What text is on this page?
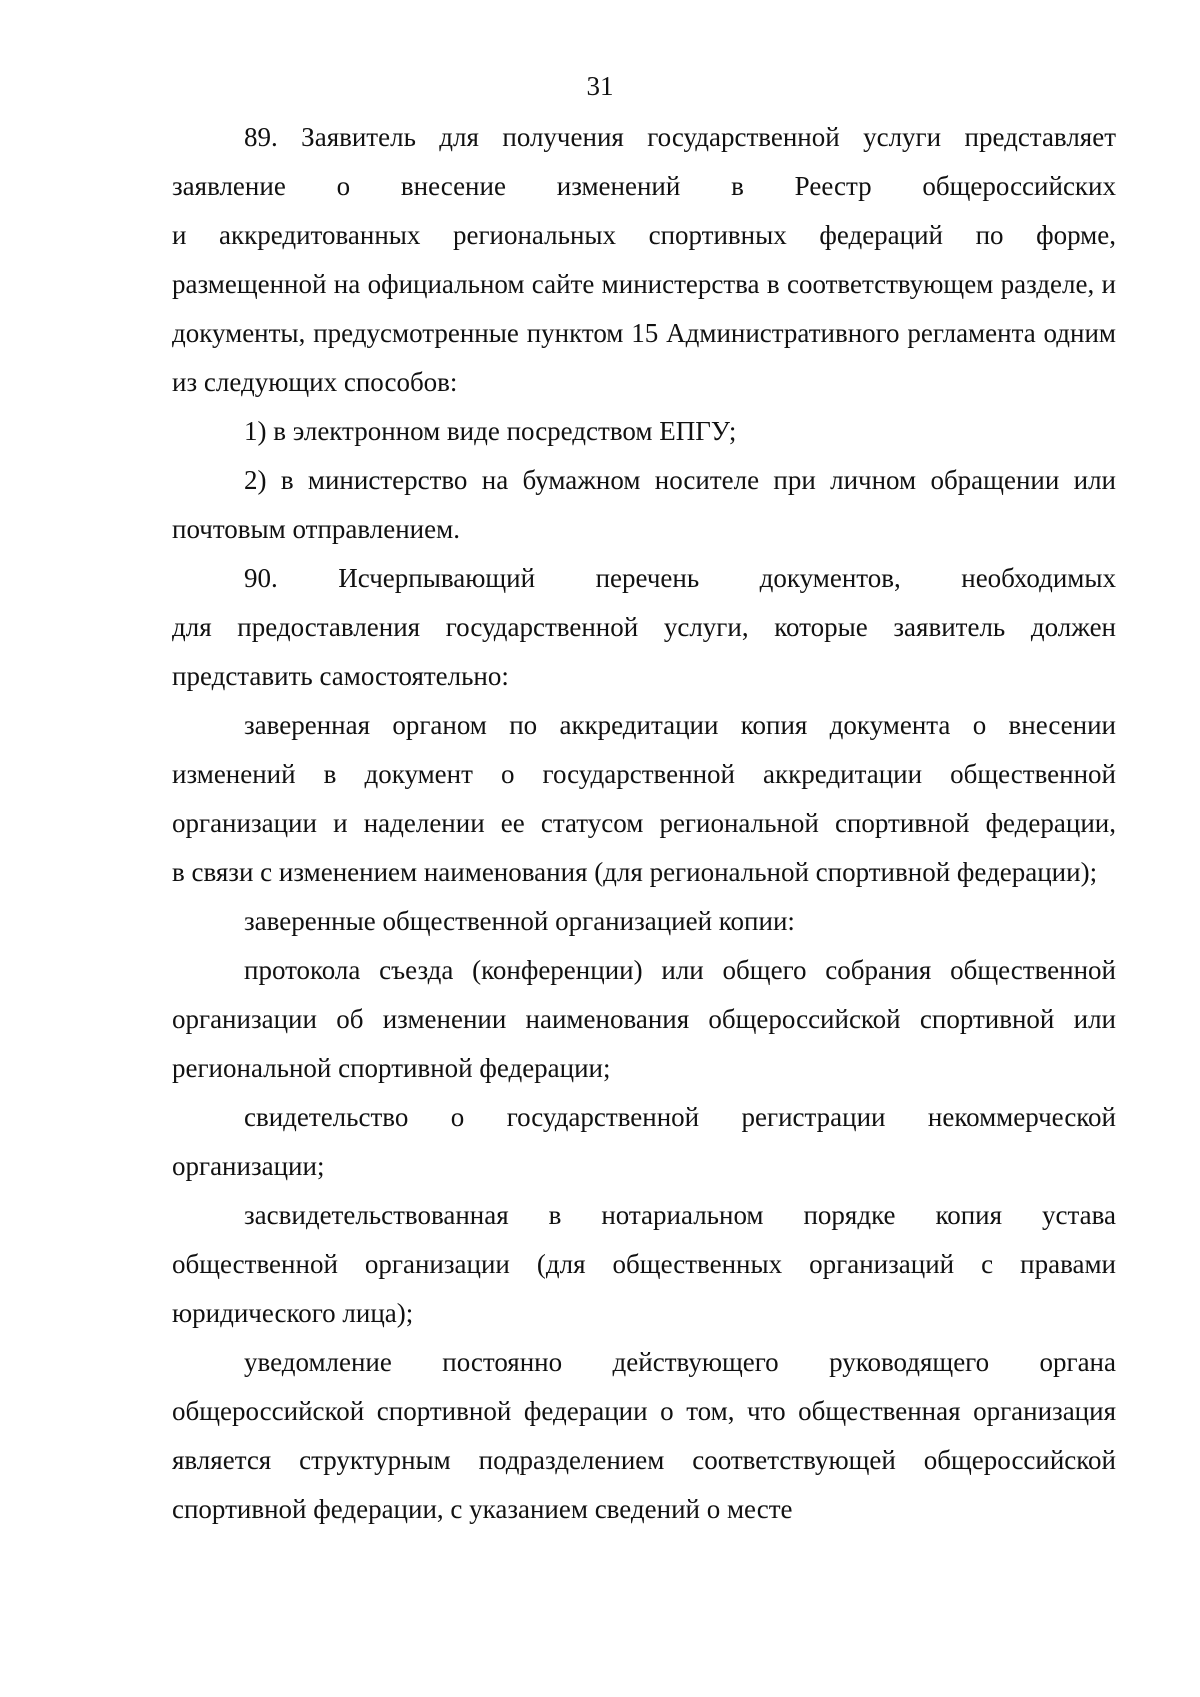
31

89. Заявитель для получения государственной услуги представляет заявление о внесение изменений в Реестр общероссийских

и аккредитованных региональных спортивных федераций по форме, размещенной на официальном сайте министерства в соответствующем разделе, и документы, предусмотренные пунктом 15 Административного регламента одним из следующих способов:

1) в электронном виде посредством ЕПГУ;

2) в министерство на бумажном носителе при личном обращении или почтовым отправлением.

90. Исчерпывающий перечень документов, необходимых

для предоставления государственной услуги, которые заявитель должен представить самостоятельно:

заверенная органом по аккредитации копия документа о внесении изменений в документ о государственной аккредитации общественной организации и наделении ее статусом региональной спортивной федерации,

в связи с изменением наименования (для региональной спортивной федерации);

заверенные общественной организацией копии:

протокола съезда (конференции) или общего собрания общественной организации об изменении наименования общероссийской спортивной или региональной спортивной федерации;

свидетельство о государственной регистрации некоммерческой организации;

засвидетельствованная в нотариальном порядке копия устава общественной организации (для общественных организаций с правами юридического лица);

уведомление постоянно действующего руководящего органа общероссийской спортивной федерации о том, что общественная организация является структурным подразделением соответствующей общероссийской спортивной федерации, с указанием сведений о месте
